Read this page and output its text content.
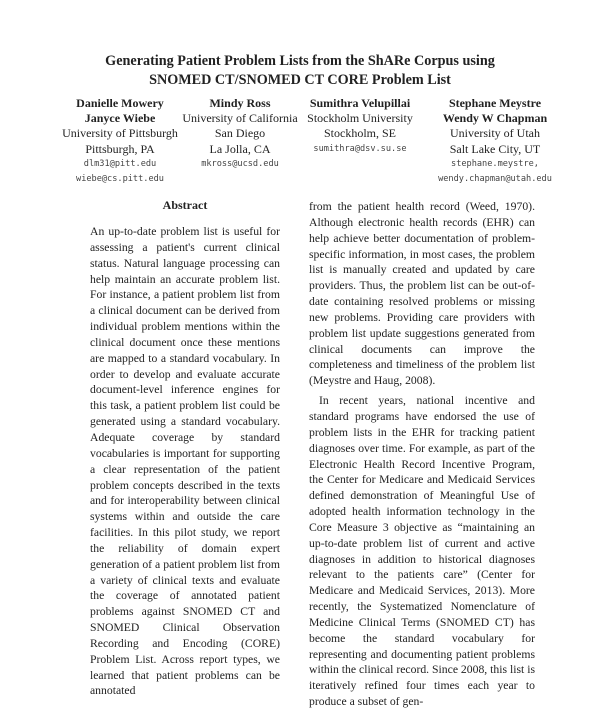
Generating Patient Problem Lists from the ShARe Corpus using
SNOMED CT/SNOMED CT CORE Problem List
Danielle Mowery
Janyce Wiebe
University of Pittsburgh
Pittsburgh, PA
dlm31@pitt.edu
wiebe@cs.pitt.edu
Mindy Ross
University of California
San Diego
La Jolla, CA
mkross@ucsd.edu
Sumithra Velupillai
Stockholm University
Stockholm, SE
sumithra@dsv.su.se
Stephane Meystre
Wendy W Chapman
University of Utah
Salt Lake City, UT
stephane.meystre,
wendy.chapman@utah.edu
Abstract

An up-to-date problem list is useful for assessing a patient's current clinical status. Natural language processing can help maintain an accurate problem list. For instance, a patient problem list from a clinical document can be derived from individual problem mentions within the clinical document once these mentions are mapped to a standard vocabulary. In order to develop and evaluate accurate document-level inference engines for this task, a patient problem list could be generated using a standard vocabulary. Adequate coverage by standard vocabularies is important for supporting a clear representation of the patient problem concepts described in the texts and for interoperability between clinical systems within and outside the care facilities. In this pilot study, we report the reliability of domain expert generation of a patient problem list from a variety of clinical texts and evaluate the coverage of annotated patient problems against SNOMED CT and SNOMED Clinical Observation Recording and Encoding (CORE) Problem List. Across report types, we learned that patient problems can be annotated

from the patient health record (Weed, 1970). Although electronic health records (EHR) can help achieve better documentation of problem-specific information, in most cases, the problem list is manually created and updated by care providers. Thus, the problem list can be out-of-date containing resolved problems or missing new problems. Providing care providers with problem list update suggestions generated from clinical documents can improve the completeness and timeliness of the problem list (Meystre and Haug, 2008).

In recent years, national incentive and standard programs have endorsed the use of problem lists in the EHR for tracking patient diagnoses over time. For example, as part of the Electronic Health Record Incentive Program, the Center for Medicare and Medicaid Services defined demonstration of Meaningful Use of adopted health information technology in the Core Measure 3 objective as “maintaining an up-to-date problem list of current and active diagnoses in addition to historical diagnoses relevant to the patients care” (Center for Medicare and Medicaid Services, 2013). More recently, the Systematized Nomenclature of Medicine Clinical Terms (SNOMED CT) has become the standard vocabulary for representing and documenting patient problems within the clinical record. Since 2008, this list is iteratively refined four times each year to produce a subset of gen-
